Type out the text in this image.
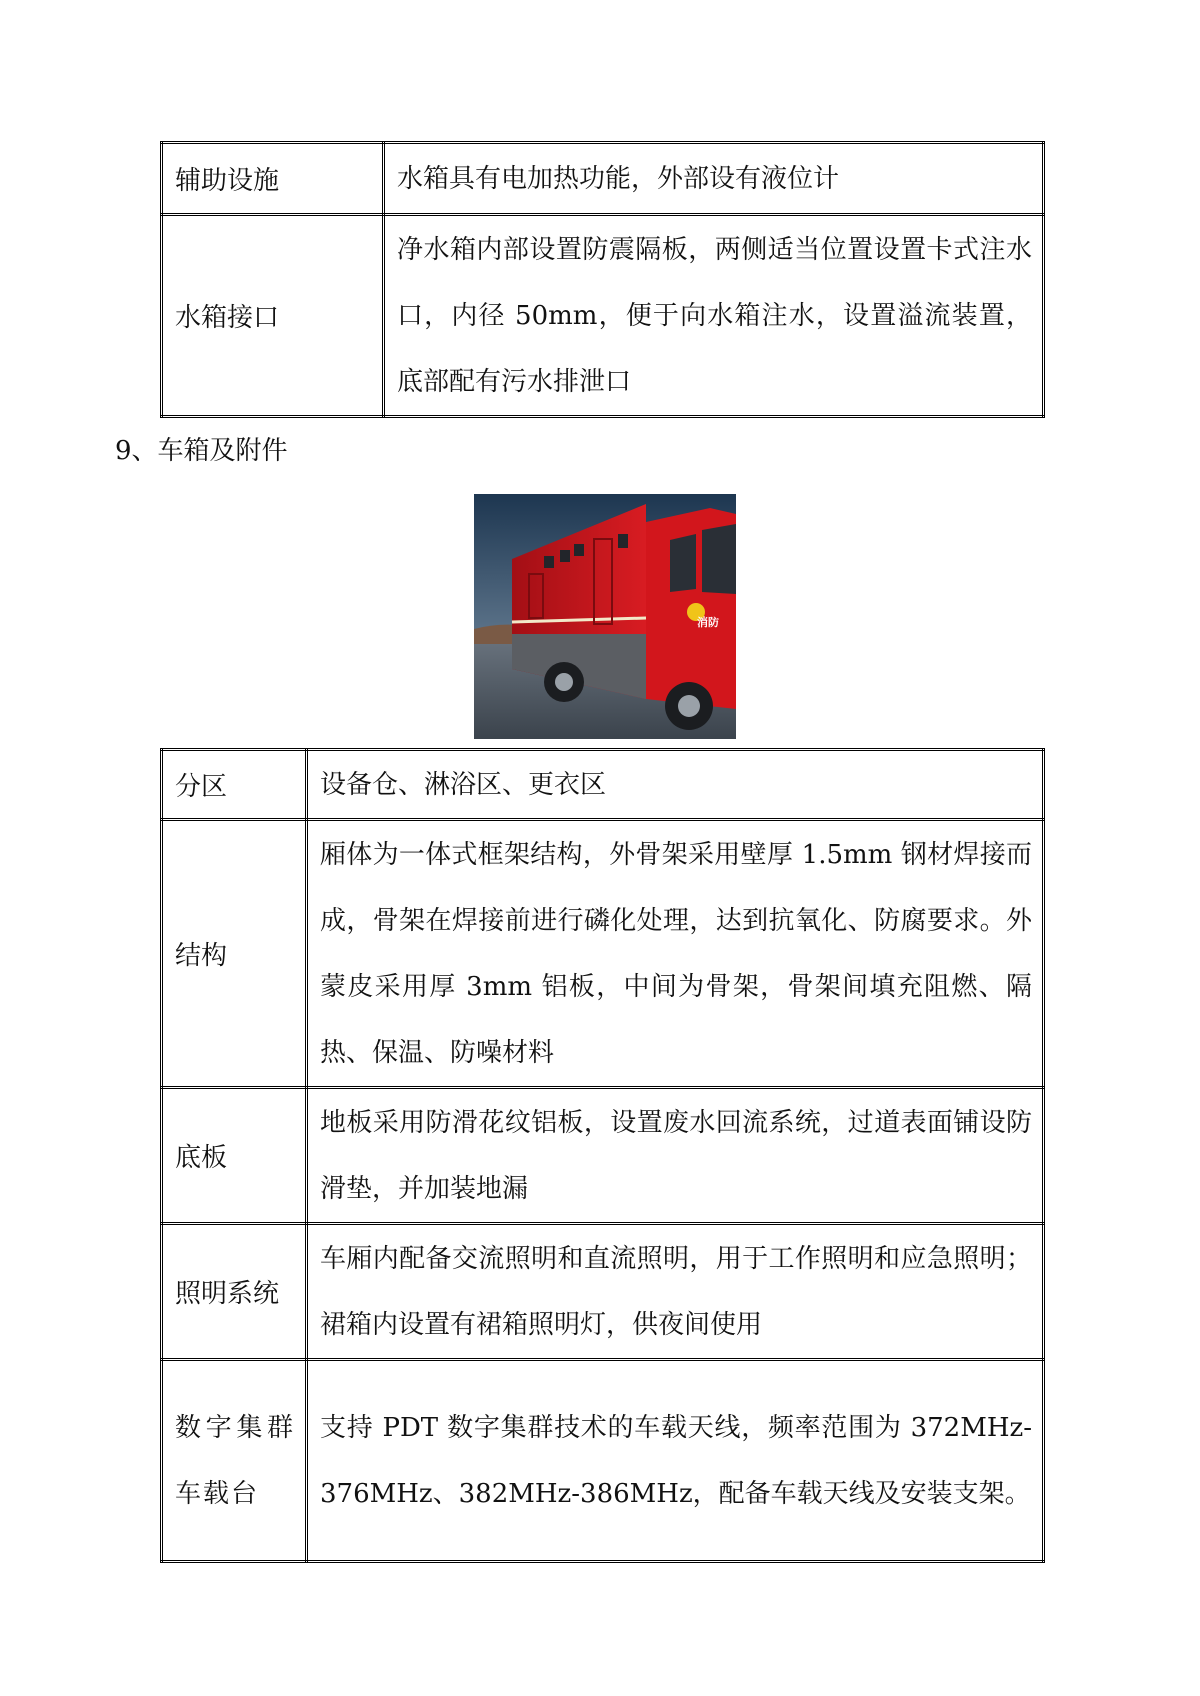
辅助设施	水箱具有电加热功能，外部设有液位计
水箱接口	净水箱内部设置防震隔板，两侧适当位置设置卡式注水口，内径 50mm，便于向水箱注水，设置溢流装置，底部配有污水排泄口

9、车箱及附件

消防
分区	设备仓、淋浴区、更衣区
结构	厢体为一体式框架结构，外骨架采用壁厚 1.5mm 钢材焊接而成，骨架在焊接前进行磷化处理，达到抗氧化、防腐要求。外蒙皮采用厚 3mm 铝板，中间为骨架，骨架间填充阻燃、隔热、保温、防噪材料
底板	地板采用防滑花纹铝板，设置废水回流系统，过道表面铺设防滑垫，并加装地漏
照明系统	车厢内配备交流照明和直流照明，用于工作照明和应急照明；裙箱内设置有裙箱照明灯，供夜间使用
数字集群车载台	支持 PDT 数字集群技术的车载天线，频率范围为 372MHz-376MHz、382MHz-386MHz，配备车载天线及安装支架。
